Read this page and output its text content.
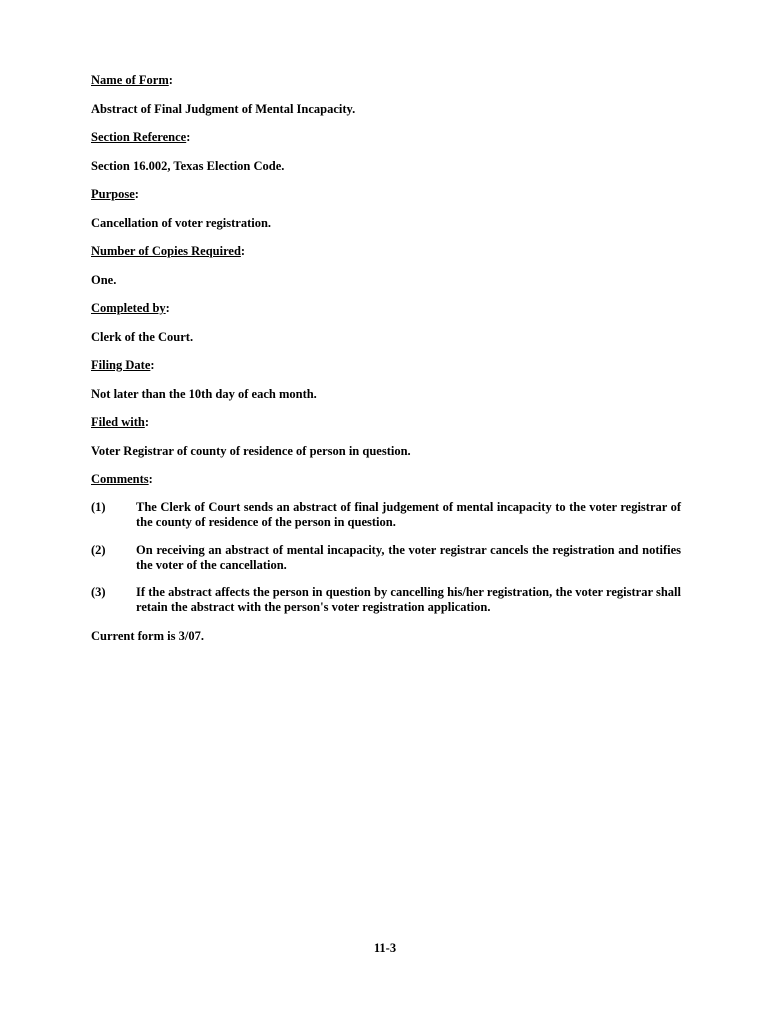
Name of Form:
Abstract of Final Judgment of Mental Incapacity.
Section Reference:
Section 16.002, Texas Election Code.
Purpose:
Cancellation of voter registration.
Number of Copies Required:
One.
Completed by:
Clerk of the Court.
Filing Date:
Not later than the 10th day of each month.
Filed with:
Voter Registrar of county of residence of person in question.
Comments:
(1) The Clerk of Court sends an abstract of final judgement of mental incapacity to the voter registrar of the county of residence of the person in question.
(2) On receiving an abstract of mental incapacity, the voter registrar cancels the registration and notifies the voter of the cancellation.
(3) If the abstract affects the person in question by cancelling his/her registration, the voter registrar shall retain the abstract with the person's voter registration application.
Current form is 3/07.
11-3
